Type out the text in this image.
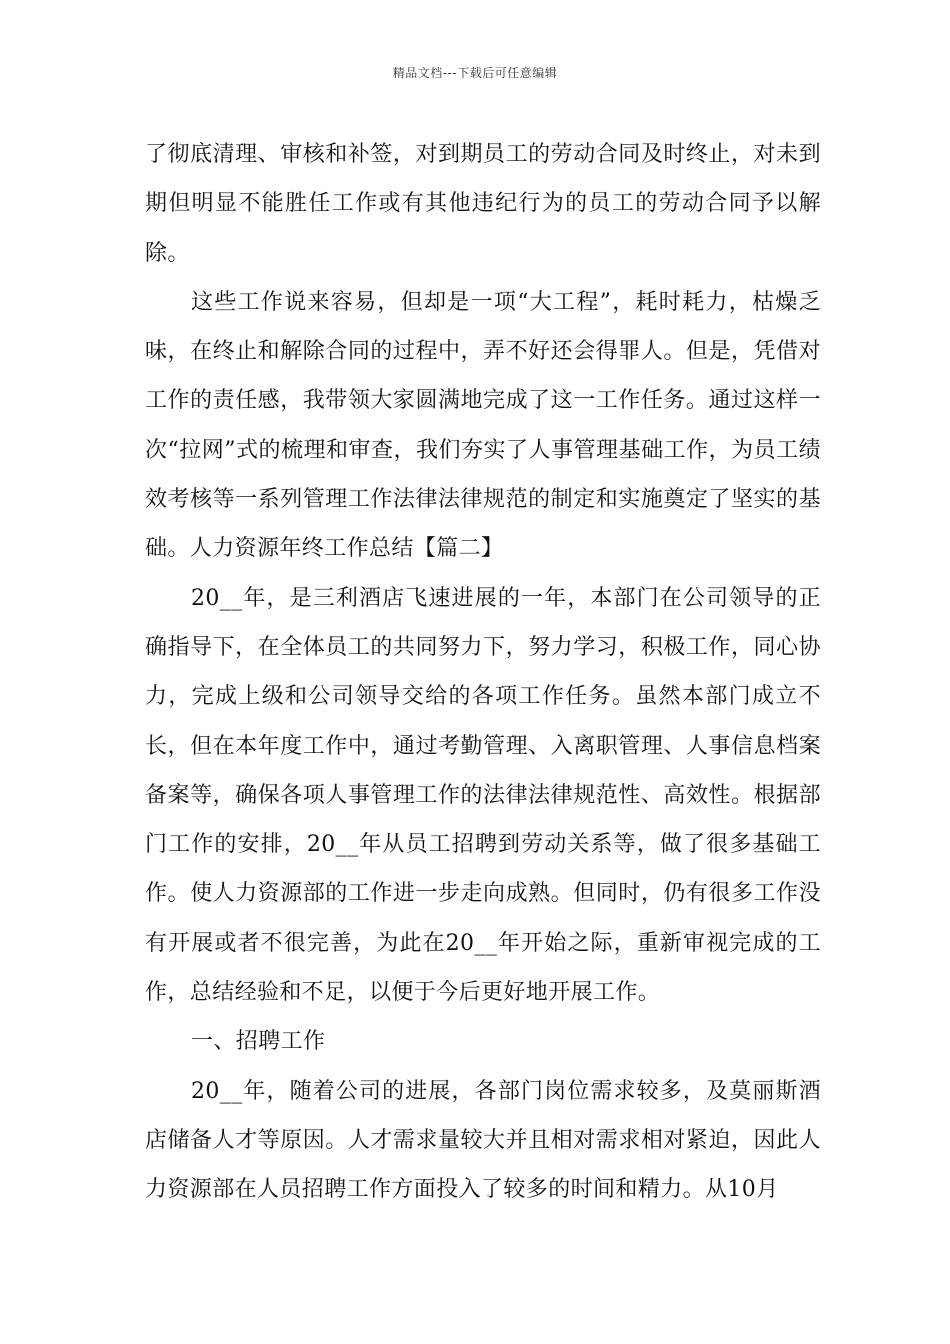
精品文档---下载后可任意编辑

了彻底清理、审核和补签，对到期员工的劳动合同及时终止，对未到期但明显不能胜任工作或有其他违纪行为的员工的劳动合同予以解除。

这些工作说来容易，但却是一项“大工程”，耗时耗力，枯燥乏味，在终止和解除合同的过程中，弄不好还会得罪人。但是，凭借对工作的责任感，我带领大家圆满地完成了这一工作任务。通过这样一次“拉网”式的梳理和审查，我们夯实了人事管理基础工作，为员工绩效考核等一系列管理工作法律法律规范的制定和实施奠定了坚实的基础。人力资源年终工作总结【篇二】

20__年，是三利酒店飞速进展的一年，本部门在公司领导的正确指导下，在全体员工的共同努力下，努力学习，积极工作，同心协力，完成上级和公司领导交给的各项工作任务。虽然本部门成立不长，但在本年度工作中，通过考勤管理、入离职管理、人事信息档案备案等，确保各项人事管理工作的法律法律规范性、高效性。根据部门工作的安排，20__年从员工招聘到劳动关系等，做了很多基础工作。使人力资源部的工作进一步走向成熟。但同时，仍有很多工作没有开展或者不很完善，为此在20__年开始之际，重新审视完成的工作，总结经验和不足，以便于今后更好地开展工作。

一、招聘工作

20__年，随着公司的进展，各部门岗位需求较多，及莫丽斯酒店储备人才等原因。人才需求量较大并且相对需求相对紧迫，因此人力资源部在人员招聘工作方面投入了较多的时间和精力。从10月
